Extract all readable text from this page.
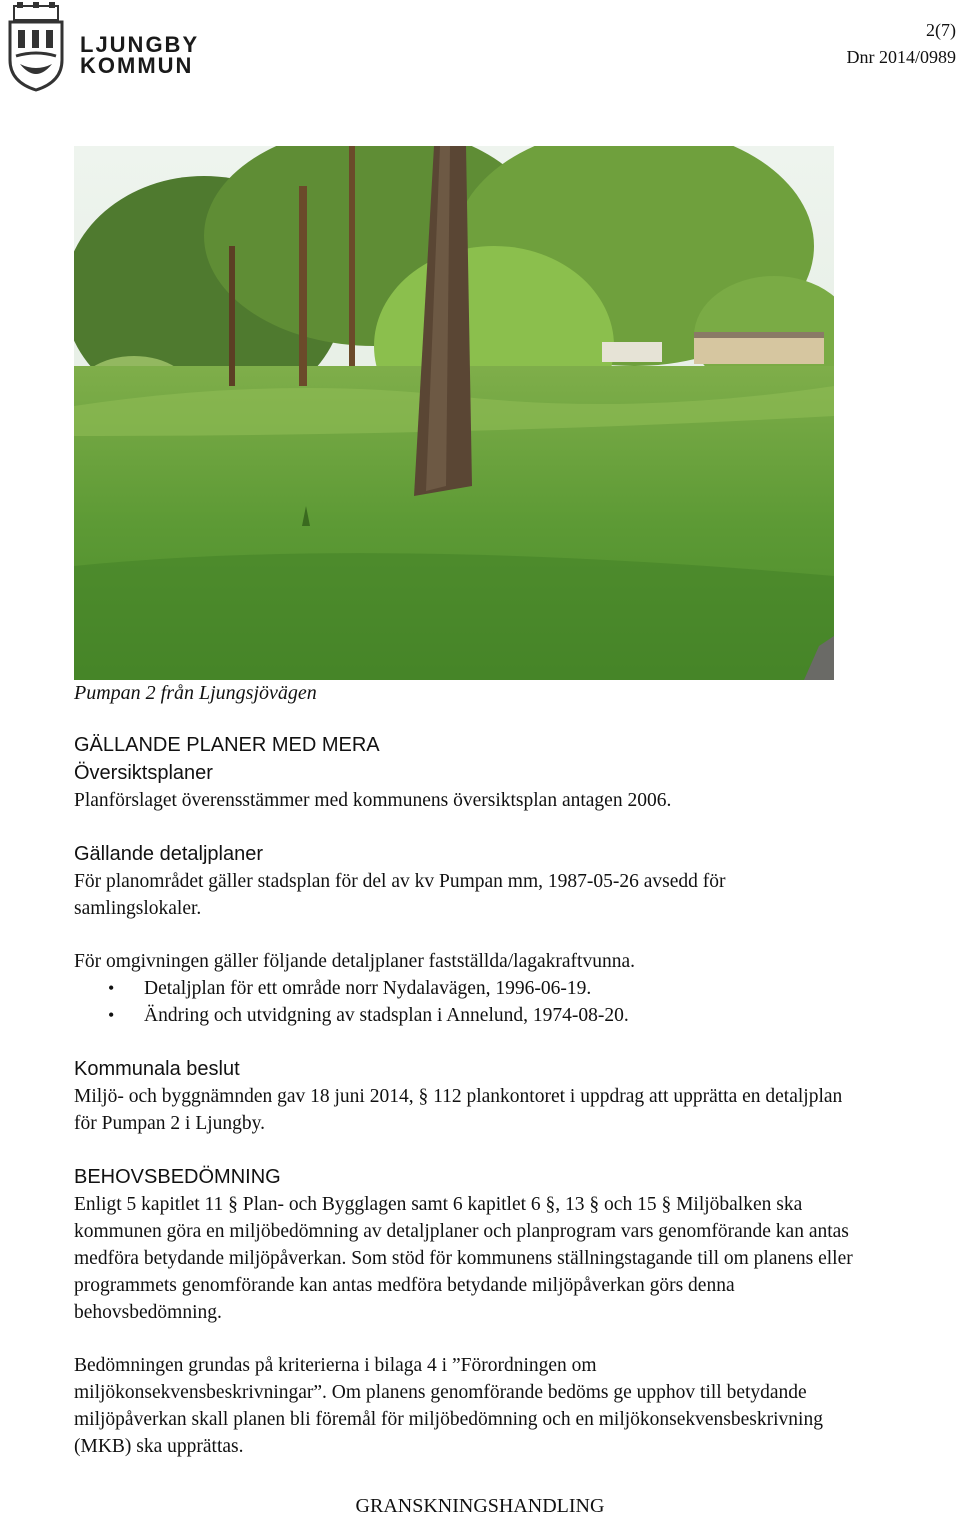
LJUNGBY
KOMMUN
2(7)
Dnr 2014/0989
Pumpan 2 från Ljungsjövägen
GÄLLANDE PLANER MED MERA
Översiktsplaner

Planförslaget överensstämmer med kommunens översiktsplan antagen 2006.

Gällande detaljplaner

För planområdet gäller stadsplan för del av kv Pumpan mm, 1987-05-26 avsedd för samlingslokaler.

För omgivningen gäller följande detaljplaner fastställda/lagakraftvunna.

• Detaljplan för ett område norr Nydalavägen, 1996-06-19.
• Ändring och utvidgning av stadsplan i Annelund, 1974-08-20.
Kommunala beslut

Miljö- och byggnämnden gav 18 juni 2014, § 112 plankontoret i uppdrag att upprätta en detaljplan för Pumpan 2 i Ljungby.

BEHOVSBEDÖMNING

Enligt 5 kapitlet 11 § Plan- och Bygglagen samt 6 kapitlet 6 §, 13 § och 15 § Miljöbalken ska kommunen göra en miljöbedömning av detaljplaner och planprogram vars genomförande kan antas medföra betydande miljöpåverkan. Som stöd för kommunens ställningstagande till om planens eller programmets genomförande kan antas medföra betydande miljöpåverkan görs denna behovsbedömning.

Bedömningen grundas på kriterierna i bilaga 4 i ”Förordningen om miljökonsekvensbeskrivningar”. Om planens genomförande bedöms ge upphov till betydande miljöpåverkan skall planen bli föremål för miljöbedömning och en miljökonsekvensbeskrivning (MKB) ska upprättas.

GRANSKNINGSHANDLING
